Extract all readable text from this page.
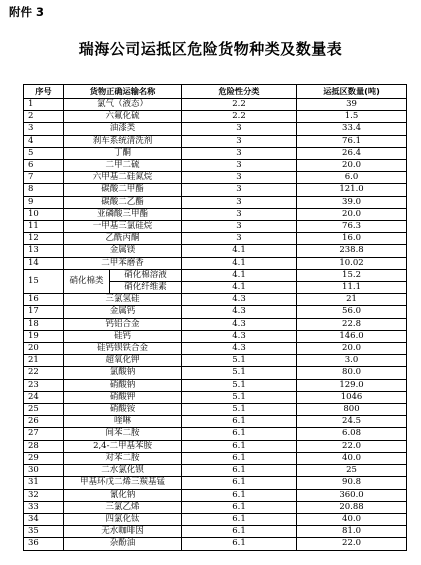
附件 3
瑞海公司运抵区危险货物种类及数量表
序号	货物正确运输名称		危险性分类	运抵区数量(吨)
1	氯气（液态）		2.2	39
2	六氟化硫		2.2	1.5
3	油漆类		3	33.4
4	刹车系统清洗剂		3	76.1
5	丁酮		3	26.4
6	二甲二硫		3	20.0
7	六甲基二硅氮烷		3	6.0
8	碳酸二甲酯		3	121.0
9	碳酸二乙酯		3	39.0
10	亚磷酸三甲酯		3	20.0
11	一甲基三氯硅烷		3	76.3
12	乙酰丙酮		3	16.0
13	金属镁		4.1	238.8
14	二甲苯磨香		4.1	10.02
15	硝化棉类	硝化棉溶液	4.1	15.2
		硝化纤维素	4.1	11.1
16	三氯氢硅		4.3	21
17	金属钙		4.3	56.0
18	钙铝合金		4.3	22.8
19	硅钙		4.3	146.0
20	硅钙钡铁合金		4.3	20.0
21	超氧化钾		5.1	3.0
22	氯酸钠		5.1	80.0
23	硝酸钠		5.1	129.0
24	硝酸钾		5.1	1046
25	硝酸铵		5.1	800
26	喹啉		6.1	24.5
27	间苯二胺		6.1	6.08
28	2,4-二甲基苯胺		6.1	22.0
29	对苯二胺		6.1	40.0
30	二水氯化钡		6.1	25
31	甲基环戊二烯三羰基锰		6.1	90.8
32	氰化钠		6.1	360.0
33	三氯乙烯		6.1	20.88
34	四氯化钛		6.1	40.0
35	无水咖啡因		6.1	81.0
36	杂酚油		6.1	22.0
